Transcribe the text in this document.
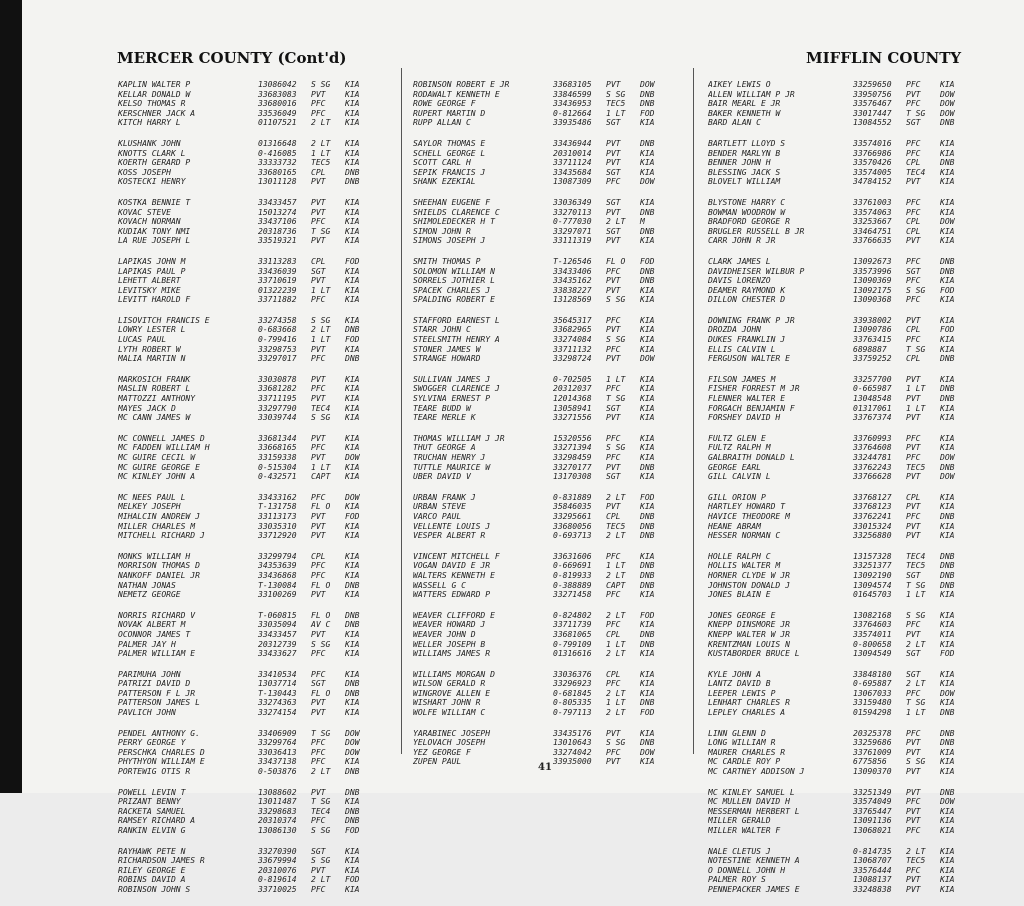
MERCER COUNTY (Cont'd)	MIFFLIN COUNTY
KAPLIN WALTER P	13086042	S SG	KIA
KELLAR DONALD W	33683083	PVT	KIA
KELSO THOMAS R	33680016	PFC	KIA
KERSCHNER JACK A	33536049	PFC	KIA
KITCH HARRY L	01107521	2 LT	KIA
KLUSHANK JOHN	01316648	2 LT	KIA
KNOTTS CLARK L	0-416085	1 LT	KIA
KOERTH GERARD P	33333732	TEC5	KIA
KOSS JOSEPH	33680165	CPL	DNB
KOSTECKI HENRY	13011128	PVT	DNB
KOSTKA BENNIE T	33433457	PVT	KIA
KOVAC STEVE	15013274	PVT	KIA
KOVACH NORMAN	33437106	PFC	KIA
KUDIAK TONY NMI	20318736	T SG	KIA
LA RUE JOSEPH L	33519321	PVT	KIA
LAPIKAS JOHN M	33113283	CPL	FOD
LAPIKAS PAUL P	33436039	SGT	KIA
LEHETT ALBERT	33710619	PVT	KIA
LEVITSKY MIKE	01322239	1 LT	KIA
LEVITT HAROLD F	33711882	PFC	KIA
LISOVITCH FRANCIS E	33274358	S SG	KIA
LOWRY LESTER L	0-683668	2 LT	DNB
LUCAS PAUL	0-799416	1 LT	FOD
LYTH ROBERT W	33298753	PVT	KIA
MALIA MARTIN N	33297017	PFC	DNB
MARKOSICH FRANK	33030878	PVT	KIA
MASLIN ROBERT L	33681282	PFC	KIA
MATTOZZI ANTHONY	33711195	PVT	KIA
MAYES JACK D	33297790	TEC4	KIA
MC CANN JAMES W	33039744	S SG	KIA
MC CONNELL JAMES D	33681344	PVT	KIA
MC FADDEN WILLIAM H	33668165	PFC	KIA
MC GUIRE CECIL W	33159338	PVT	DOW
MC GUIRE GEORGE E	0-515304	1 LT	KIA
MC KINLEY JOHN A	0-432571	CAPT	KIA
MC NEES PAUL L	33433162	PFC	DOW
MELKEY JOSEPH	T-131758	FL O	KIA
MIHALCIN ANDREW J	33113173	PVT	FOD
MILLER CHARLES M	33035310	PVT	KIA
MITCHELL RICHARD J	33712920	PVT	KIA
MONKS WILLIAM H	33299794	CPL	KIA
MORRISON THOMAS D	34353639	PFC	KIA
NANKOFF DANIEL JR	33436868	PFC	KIA
NATHAN JONAS	T-130084	FL O	DNB
NEMETZ GEORGE	33100269	PVT	KIA
NORRIS RICHARD V	T-060815	FL O	DNB
NOVAK ALBERT M	33035094	AV C	DNB
OCONNOR JAMES T	33433457	PVT	KIA
PALMER JAY H	20312739	S SG	KIA
PALMER WILLIAM E	33433627	PFC	KIA
PARIMUHA JOHN	33410534	PFC	KIA
PATRIZI DAVID D	13037714	SGT	DNB
PATTERSON F L JR	T-130443	FL O	DNB
PATTERSON JAMES L	33274363	PVT	KIA
PAVLICH JOHN	33274154	PVT	KIA
PENDEL ANTHONY G.	33406909	T SG	DOW
PERRY GEORGE Y	33299764	PFC	DOW
PERSCHKA CHARLES D	33036413	PFC	DOW
PHYTHYON WILLIAM E	33437138	PFC	KIA
PORTEWIG OTIS R	0-503876	2 LT	DNB
POWELL LEVIN T	13088602	PVT	DNB
PRIZANT BENNY	13011487	T SG	KIA
RACKETA SAMUEL	33298683	TEC4	DNB
RAMSEY RICHARD A	20310374	PFC	DNB
RANKIN ELVIN G	13086130	S SG	FOD
RAYHAWK PETE N	33270390	SGT	KIA
RICHARDSON JAMES R	33679994	S SG	KIA
RILEY GEORGE E	20310076	PVT	KIA
ROBINS DAVID A	0-819614	2 LT	FOD
ROBINSON JOHN S	33710025	PFC	KIA
ROBINSON ROBERT E JR	33683105	PVT	DOW
RODAWALT KENNETH E	33846599	S SG	DNB
ROWE GEORGE F	33436953	TEC5	DNB
RUPERT MARTIN D	0-812664	1 LT	FOD
RUPP ALLAN C	33935486	SGT	KIA
SAYLOR THOMAS E	33436944	PVT	DNB
SCHELL GEORGE L	20310014	PVT	KIA
SCOTT CARL H	33711124	PVT	KIA
SEPIK FRANCIS J	33435684	SGT	KIA
SHANK EZEKIAL	13087309	PFC	DOW
SHEEHAN EUGENE F	33036349	SGT	KIA
SHIELDS CLARENCE C	33270113	PVT	DNB
SHIMOLEDECKER H T	0-777030	2 LT	M
SIMON JOHN R	33297071	SGT	DNB
SIMONS JOSEPH J	33111319	PVT	KIA
SMITH THOMAS P	T-126546	FL O	FOD
SOLOMON WILLIAM N	33433406	PFC	DNB
SORRELS JOTHIER L	33435162	PVT	DNB
SPACEK CHARLES J	33838227	PVT	KIA
SPALDING ROBERT E	13128569	S SG	KIA
STAFFORD EARNEST L	35645317	PFC	KIA
STARR JOHN C	33682965	PVT	KIA
STEELSMITH HENRY A	33274084	S SG	KIA
STONER JAMES W	33711132	PFC	KIA
STRANGE HOWARD	33298724	PVT	DOW
SULLIVAN JAMES J	0-702505	1 LT	KIA
SWOGGER CLARENCE J	20312037	PFC	KIA
SYLVINA ERNEST P	12014368	T SG	KIA
TEARE BUDD W	13058941	SGT	KIA
TEARE MERLE K	33271556	PVT	KIA
THOMAS WILLIAM J JR	15320556	PFC	KIA
THUT GEORGE A	33271394	S SG	KIA
TRUCHAN HENRY J	33298459	PFC	KIA
TUTTLE MAURICE W	33270177	PVT	DNB
UBER DAVID V	13170308	SGT	KIA
URBAN FRANK J	0-831889	2 LT	FOD
URBAN STEVE	35846035	PVT	KIA
VARCO PAUL	33295661	CPL	DNB
VELLENTE LOUIS J	33680056	TEC5	DNB
VESPER ALBERT R	0-693713	2 LT	DNB
VINCENT MITCHELL F	33631606	PFC	KIA
VOGAN DAVID E JR	0-669691	1 LT	DNB
WALTERS KENNETH E	0-819933	2 LT	DNB
WASSELL G C	0-388889	CAPT	DNB
WATTERS EDWARD P	33271458	PFC	KIA
WEAVER CLIFFORD E	0-824802	2 LT	FOD
WEAVER HOWARD J	33711739	PFC	KIA
WEAVER JOHN D	33681065	CPL	DNB
WELLER JOSEPH B	0-799109	1 LT	DNB
WILLIAMS JAMES R	01316616	2 LT	KIA
WILLIAMS MORGAN D	33036376	CPL	KIA
WILSON GERALD R	33296923	PFC	KIA
WINGROVE ALLEN E	0-681845	2 LT	KIA
WISHART JOHN R	0-805335	1 LT	DNB
WOLFE WILLIAM C	0-797113	2 LT	FOD
YARABINEC JOSEPH	33435176	PVT	KIA
YELOVACH JOSEPH	13010643	S SG	DNB
YEZ GEORGE F	33274042	PFC	DOW
ZUPEN PAUL	33935000	PVT	KIA
AIKEY LEWIS O	33259650	PFC	KIA
ALLEN WILLIAM P JR	33950756	PVT	DOW
BAIR MEARL E JR	33576467	PFC	DOW
BAKER KENNETH W	33017447	T SG	DOW
BARD ALAN C	13084552	SGT	DNB
BARTLETT LLOYD S	33574016	PFC	KIA
BENDER MARLYN B	33766986	PFC	KIA
BENNER JOHN H	33570426	CPL	DNB
BLESSING JACK S	33574005	TEC4	KIA
BLOVELT WILLIAM	34784152	PVT	KIA
BLYSTONE HARRY C	33761003	PFC	KIA
BOWMAN WOODROW W	33574063	PFC	KIA
BRADFORD GEORGE R	33253667	CPL	DOW
BRUGLER RUSSELL B JR	33464751	CPL	KIA
CARR JOHN R JR	33766635	PVT	KIA
CLARK JAMES L	13092673	PFC	DNB
DAVIDHEISER WILBUR P	33573996	SGT	DNB
DAVIS LORENZO	13090369	PFC	KIA
DEAMER RAYMOND K	13092175	S SG	FOD
DILLON CHESTER D	13090368	PFC	KIA
DOWNING FRANK P JR	33938002	PVT	KIA
DROZDA JOHN	13090786	CPL	FOD
DUKES FRANKLIN J	33763415	PFC	KIA
ELLIS CALVIN L	6898887	T SG	KIA
FERGUSON WALTER E	33759252	CPL	DNB
FILSON JAMES M	33257700	PVT	KIA
FISHER FORREST M JR	0-665987	1 LT	DNB
FLENNER WALTER E	13048548	PVT	DNB
FORGACH BENJAMIN F	01317061	1 LT	KIA
FORSHEY DAVID H	33767374	PVT	KIA
FULTZ GLEN E	33760993	PFC	KIA
FULTZ RALPH M	33764608	PVT	KIA
GALBRAITH DONALD L	33244781	PFC	DOW
GEORGE EARL	33762243	TEC5	DNB
GILL CALVIN L	33766628	PVT	DOW
GILL ORION P	33768127	CPL	KIA
HARTLEY HOWARD T	33768123	PVT	KIA
HAVICE THEODORE M	33762241	PFC	DNB
HEANE ABRAM	33015324	PVT	KIA
HESSER NORMAN C	33256880	PVT	KIA
HOLLE RALPH C	13157328	TEC4	DNB
HOLLIS WALTER M	33251377	TEC5	DNB
HORNER CLYDE W JR	13092190	SGT	DNB
JOHNSTON DONALD J	13094574	T SG	DNB
JONES BLAIN E	01645703	1 LT	KIA
JONES GEORGE E	13082168	S SG	KIA
KNEPP DINSMORE JR	33764603	PFC	KIA
KNEPP WALTER W JR	33574011	PVT	KIA
KRENTZMAN LOUIS N	0-800658	2 LT	KIA
KUSTABORDER BRUCE L	13094549	SGT	FOD
KYLE JOHN A	33848180	SGT	KIA
LANTZ DAVID B	0-695887	2 LT	KIA
LEEPER LEWIS P	13067033	PFC	DOW
LENHART CHARLES R	33159480	T SG	KIA
LEPLEY CHARLES A	01594298	1 LT	DNB
LINN GLENN D	20325378	PFC	DNB
LONG WILLIAM R	33259686	PVT	DNB
MAURER CHARLES R	33761009	PVT	KIA
MC CARDLE ROY P	6775856	S SG	KIA
MC CARTNEY ADDISON J	13090370	PVT	KIA
MC KINLEY SAMUEL L	33251349	PVT	DNB
MC MULLEN DAVID H	33574049	PFC	DOW
MESSERMAN HERBERT L	33765447	PVT	KIA
MILLER GERALD	13091136	PVT	KIA
MILLER WALTER F	13068021	PFC	KIA
NALE CLETUS J	0-814735	2 LT	KIA
NOTESTINE KENNETH A	13068707	TEC5	KIA
O DONNELL JOHN H	33576444	PFC	KIA
PALMER ROY S	13088137	PVT	KIA
PENNEPACKER JAMES E	33248838	PVT	KIA
41
